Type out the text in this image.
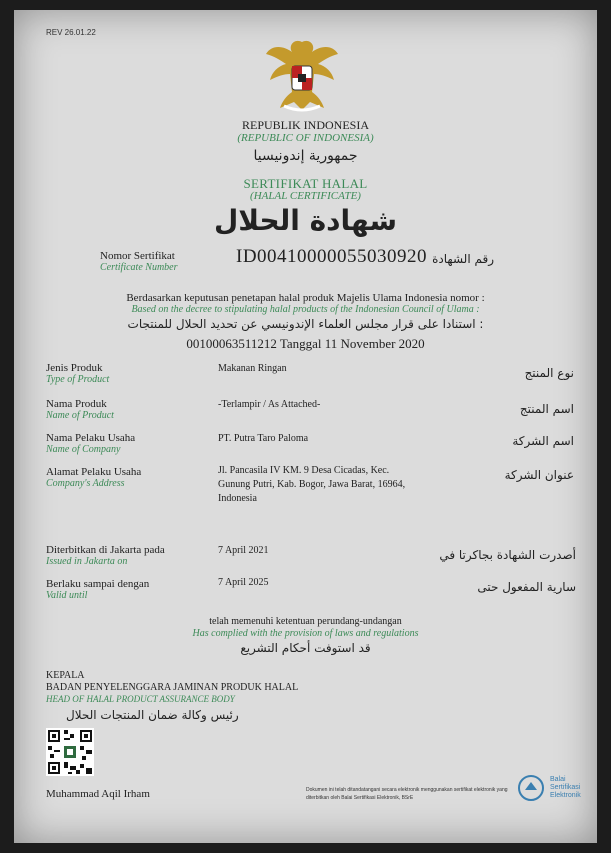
REV 26.01.22
REPUBLIK INDONESIA
(REPUBLIC OF INDONESIA)
جمهورية إندونيسيا
SERTIFIKAT HALAL
(HALAL CERTIFICATE)
شهادة الحلال
Nomor Sertifikat
Certificate Number
ID00410000055030920 رقم الشهادة
Berdasarkan keputusan penetapan halal produk Majelis Ulama Indonesia nomor :
Based on the decree to stipulating halal products of the Indonesian Council of Ulama :
استنادا على قرار مجلس العلماء الإندونيسي عن تحديد الحلال للمنتجات :
00100063511212 Tanggal 11 November 2020
Jenis Produk
Type of Product
Makanan Ringan	نوع المنتج
Nama Produk
Name of Product
-Terlampir / As Attached-	اسم المنتج
Nama Pelaku Usaha
Name of Company
PT. Putra Taro Paloma	اسم الشركة
Alamat Pelaku Usaha
Company's Address
Jl. Pancasila IV KM. 9 Desa Cicadas, Kec.
Gunung Putri, Kab. Bogor, Jawa Barat, 16964,
Indonesia
عنوان الشركة
Diterbitkan di Jakarta pada
Issued in Jakarta on
7 April 2021	أصدرت الشهادة بجاكرتا في
Berlaku sampai dengan
Valid until
7 April 2025	سارية المفعول حتى
telah memenuhi ketentuan perundang-undangan
Has complied with the provision of laws and regulations
قد استوفت أحكام التشريع
KEPALA
BADAN PENYELENGGARA JAMINAN PRODUK HALAL
HEAD OF HALAL PRODUCT ASSURANCE BODY
رئيس وكالة ضمان المنتجات الحلال
Muhammad Aqil Irham	Dokumen ini telah ditandatangani secara elektronik menggunakan sertifikat elektronik yang diterbitkan oleh Balai Sertifikasi Elektronik, BSrE
Balai
Sertifikasi
Elektronik
